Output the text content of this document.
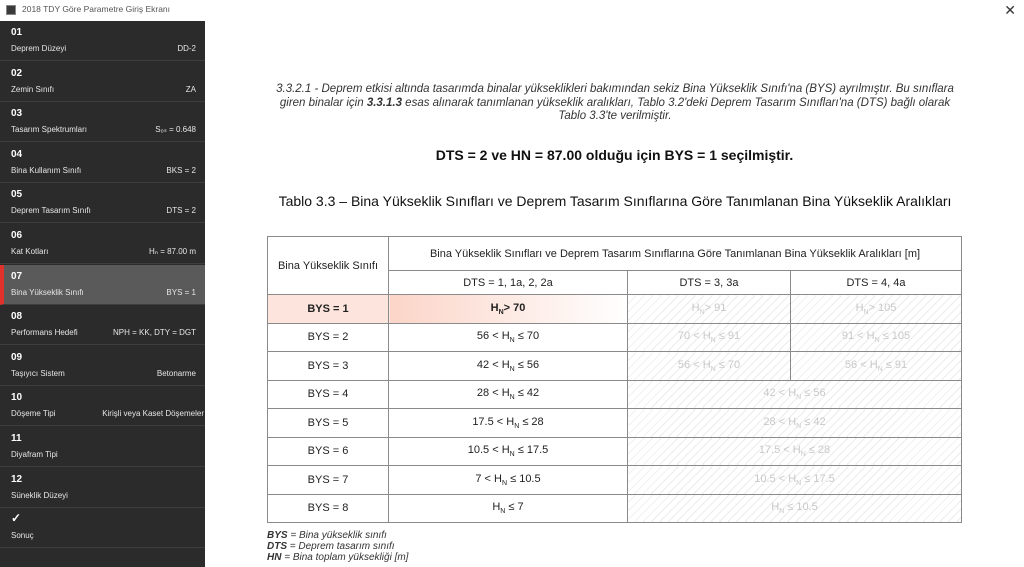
2018 TDY Göre Parametre Giriş Ekranı	✕
01
Deprem Düzeyi	DD-2
02
Zemin Sınıfı	ZA
03
Tasarım Spektrumları	S₀ₛ = 0.648
04
Bina Kullanım Sınıfı	BKS = 2
05
Deprem Tasarım Sınıfı	DTS = 2
06
Kat Kotları	Hₙ = 87.00 m
07
Bina Yükseklik Sınıfı	BYS = 1
08
Performans Hedefi	NPH = KK, DTY = DGT
09
Taşıyıcı Sistem	Betonarme
10
Döşeme Tipi	Kirişli veya Kaset Döşemeler
11
Diyafram Tipi
12
Süneklik Düzeyi
✓
Sonuç
3.3.2.1 - Deprem etkisi altında tasarımda binalar yükseklikleri bakımından sekiz Bina Yükseklik Sınıfı'na (BYS) ayrılmıştır. Bu sınıflara giren binalar için 3.3.1.3 esas alınarak tanımlanan yükseklik aralıkları, Tablo 3.2'deki Deprem Tasarım Sınıfları'na (DTS) bağlı olarak Tablo 3.3'te verilmiştir.
DTS = 2 ve HN = 87.00 olduğu için BYS = 1 seçilmiştir.
Tablo 3.3 – Bina Yükseklik Sınıfları ve Deprem Tasarım Sınıflarına Göre Tanımlanan Bina Yükseklik Aralıkları
Bina Yükseklik Sınıfı	Bina Yükseklik Sınıfları ve Deprem Tasarım Sınıflarına Göre Tanımlanan Bina Yükseklik Aralıkları [m]		
	DTS = 1, 1a, 2, 2a	DTS = 3, 3a	DTS = 4, 4a
BYS = 1	$H_N> 70$	$H_N> 91$	$H_N> 105$
BYS = 2	$56 < H_N \le 70$	$70 < H_N \le 91$	$91 < H_N \le 105$
BYS = 3	$42 < H_N \le 56$	$56 < H_N \le 70$	$56 < H_N \le 91$
BYS = 4	$28 < H_N \le 42$	$42 < H_N \le 56$	
BYS = 5	$17.5 < H_N \le 28$	$28 < H_N \le 42$	
BYS = 6	$10.5 < H_N \le 17.5$	$17.5 < H_N \le 28$	
BYS = 7	$7 < H_N \le 10.5$	$10.5 < H_N \le 17.5$	
BYS = 8	$H_N \le 7$	$H_N \le 10.5$	
BYS = Bina yükseklik sınıfı
DTS = Deprem tasarım sınıfı
HN = Bina toplam yüksekliği [m]
